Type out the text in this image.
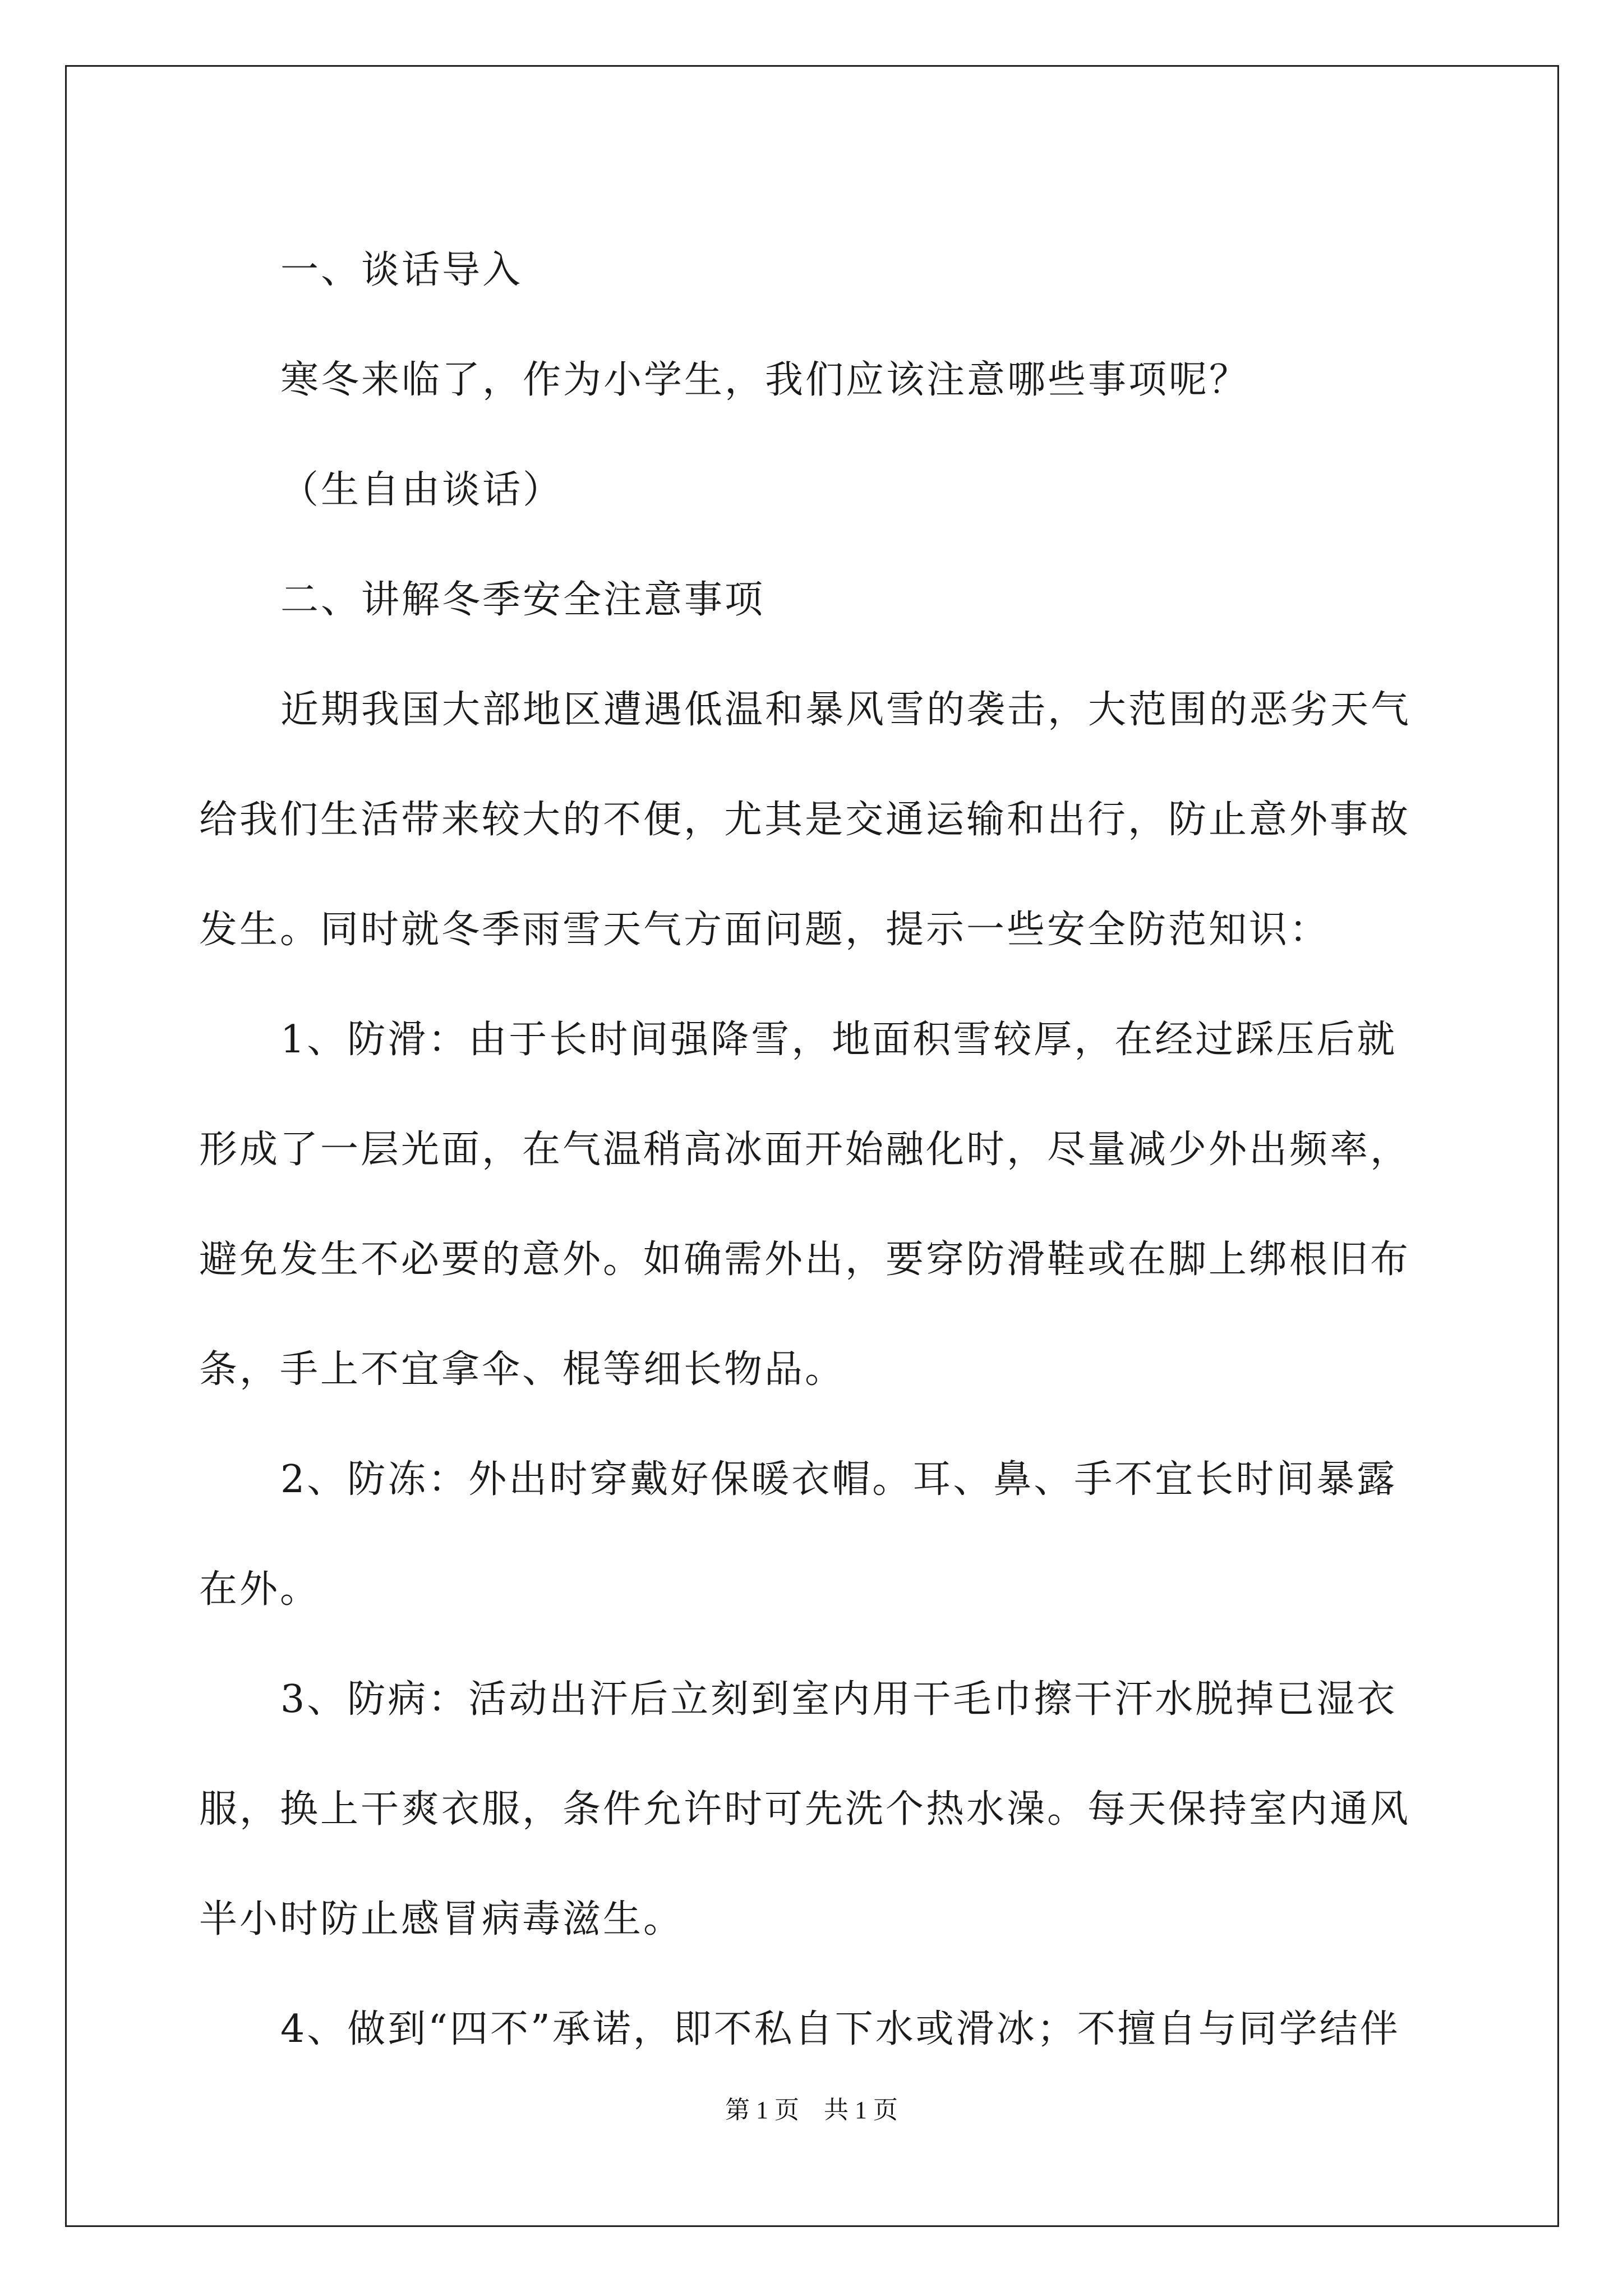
一、谈话导入

寒冬来临了，作为小学生，我们应该注意哪些事项呢？

（生自由谈话）

二、讲解冬季安全注意事项

近期我国大部地区遭遇低温和暴风雪的袭击，大范围的恶劣天气给我们生活带来较大的不便，尤其是交通运输和出行，防止意外事故发生。同时就冬季雨雪天气方面问题，提示一些安全防范知识：

1、防滑：由于长时间强降雪，地面积雪较厚，在经过踩压后就形成了一层光面，在气温稍高冰面开始融化时，尽量减少外出频率，避免发生不必要的意外。如确需外出，要穿防滑鞋或在脚上绑根旧布条，手上不宜拿伞、棍等细长物品。

2、防冻：外出时穿戴好保暖衣帽。耳、鼻、手不宜长时间暴露在外。

3、防病：活动出汗后立刻到室内用干毛巾擦干汗水脱掉已湿衣服，换上干爽衣服，条件允许时可先洗个热水澡。每天保持室内通风半小时防止感冒病毒滋生。

4、做到“四不”承诺，即不私自下水或滑冰；不擅自与同学结伴

第 1 页　共 1 页
